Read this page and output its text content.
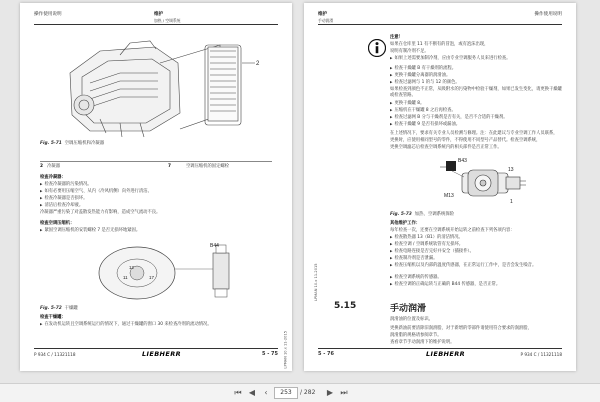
操作使用说明	维护
加热 / 空调系统
2
Fig. 5-71 空调压缩机和冷凝器
2 冷凝器	7	空调压缩机的固定螺栓
检查冷凝器：
▶ 检查冷凝器的污染情况。
▶ 如有必要用压缩空气、从内（冷风机侧）向外进行清洁。
▶ 检查冷凝器是否损坏。
▶ 清洁后检查冷却液。
冷凝器严重污染了对盖散发热能力有影响，造成空气流动不良。
检查空调压缩机：
▶ 紧固空调压缩机的安装螺栓 7 是否无损坏地紧固。
B44
12
11	17
Fig. 5-72 干燥罐
检查干燥罐：
▶ 在发动机运转且空调系统运行的情况下，通过干燥罐的窗口 30 来检查冷剂的流动情况。
LPMAN 10.x 11-2015
P 934 C / 11321118	LIEBHERR	5 - 75
维护	操作使用说明
手动润滑
注意！
如果在仓库里 11 有不断有的冒泡，或有泡沫出现，
说明有制冷剂不足。
▶ 如果上述需要加制冷剂，应由专业空调服务人员来进行检查。
▶ 检查干燥罐 B 有干燥剂的流程。
▶ 更换干燥罐分离器的润滑油。
▶ 检查过滤网与 1 的与 12 的颜色。
如果检查到颜色不正常，从吸附水的污染物中检验干燥剂，如果已发生变化，请更换干燥罐或检查管路。
▶ 更换干燥罐 8。
▶ 压缩机在干燥罐 8 之后再检查。
▶ 检查过滤网 B 分与干燥剂是否有关，是否不合适的干燥剂。
▶ 检查干燥罐 9 是否有损坏或漏油。
在上述情况下，要求有关专业人员检测与修理。注：在此建议与专业空调工作人员联系，
更换时，应使用相同型号的零件，不得使用不同型号产品替代。检查空调系统，
更换空调滤芯后检查空调系统内的相关部件是否正常工作。
B43
13
M13
1
Fig. 5-73 加热、空调系统保险
其他维护工作：
每年检查一次，还要在空调系统开始运转之前检查下列各项内容：
▶ 检查散热器 13（B1）的清洁情况。
▶ 检查空调 / 空调系统软管有无损坏。
▶ 检查电路连接是否完好并安全（插接件）。
▶ 检查制冷剂是否泄漏。
▶ 检查压缩机以及内部的温度传感器，在正常运行工作中，是否会发生噪音。
▶ 检查空调系统的传感器。
▶ 检查空调的正确运转与正确的 B44 传感器，是否正常。
5.15	手动润滑
润滑油的位置及标识。
更换新油前要清除旧润滑脂，对于新增的零部件请使用符合要求的润滑脂，
润滑脂的规格请参阅章节。
查看章节手动润滑下的维护说明。
LPMAN 10.x 11-2015
5 - 76	LIEBHERR	P 934 C / 11321118
⏮ ◀	‹	253	/ 282	▶ ⏭
